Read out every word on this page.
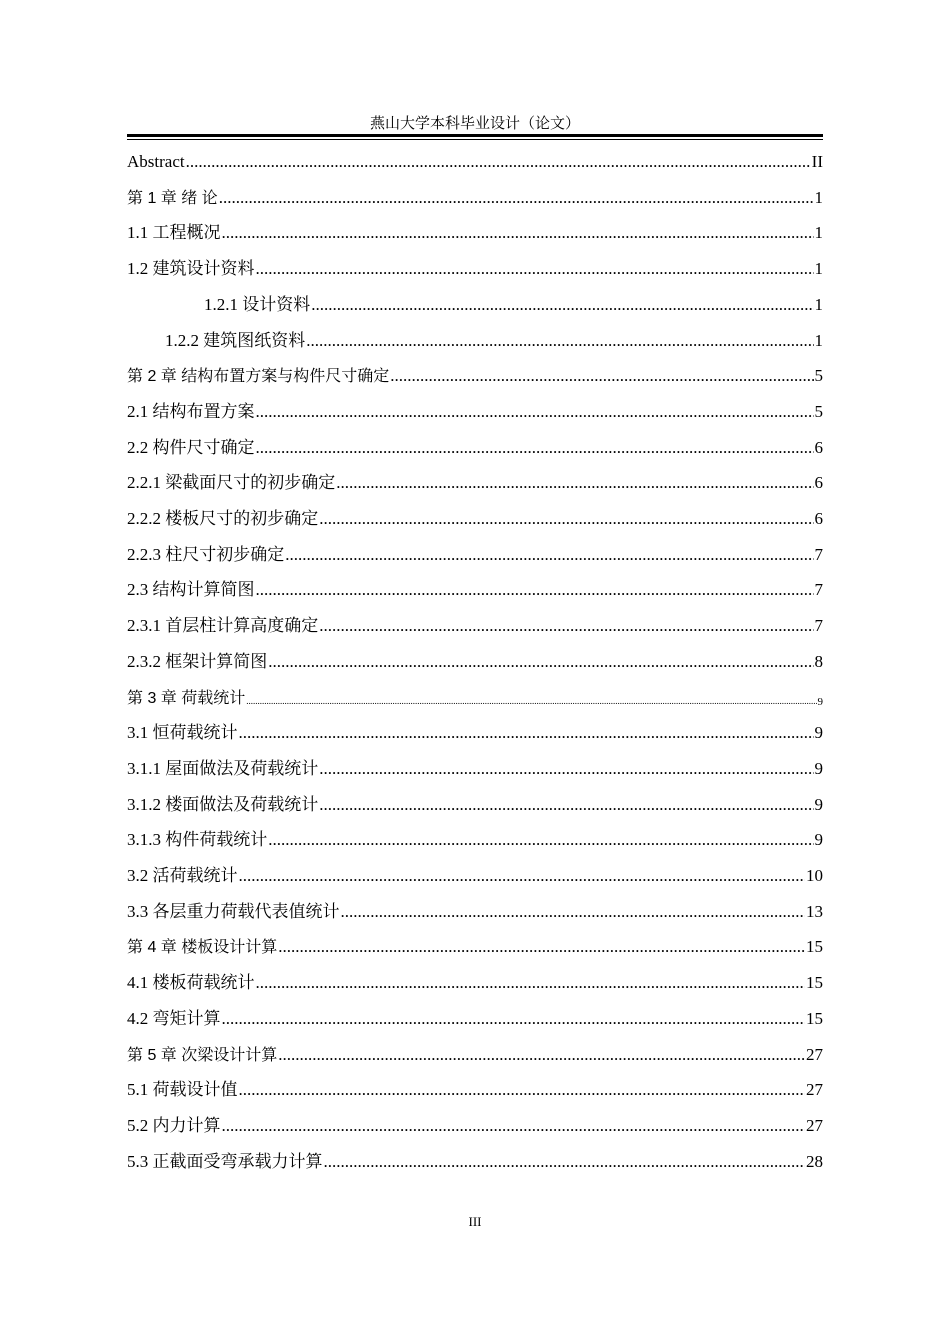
燕山大学本科毕业设计（论文）
Abstract .....	II
第 1 章 绪 论 .....	1
1.1 工程概况 .....	1
1.2 建筑设计资料 .....	1
1.2.1 设计资料 .....	1
1.2.2 建筑图纸资料 .....	1
第 2 章 结构布置方案与构件尺寸确定 .....	5
2.1 结构布置方案 .....	5
2.2 构件尺寸确定 .....	6
2.2.1 梁截面尺寸的初步确定 .....	6
2.2.2 楼板尺寸的初步确定 .....	6
2.2.3 柱尺寸初步确定 .....	7
2.3 结构计算简图 .....	7
2.3.1 首层柱计算高度确定 .....	7
2.3.2 框架计算简图 .....	8
第 3 章 荷载统计 .....	9
3.1 恒荷载统计 .....	9
3.1.1 屋面做法及荷载统计 .....	9
3.1.2 楼面做法及荷载统计 .....	9
3.1.3 构件荷载统计 .....	9
3.2 活荷载统计 .....	10
3.3 各层重力荷载代表值统计 .....	13
第 4 章 楼板设计计算 .....	15
4.1 楼板荷载统计 .....	15
4.2 弯矩计算 .....	15
第 5 章 次梁设计计算 .....	27
5.1 荷载设计值 .....	27
5.2 内力计算 .....	27
5.3 正截面受弯承载力计算 .....	28
III
